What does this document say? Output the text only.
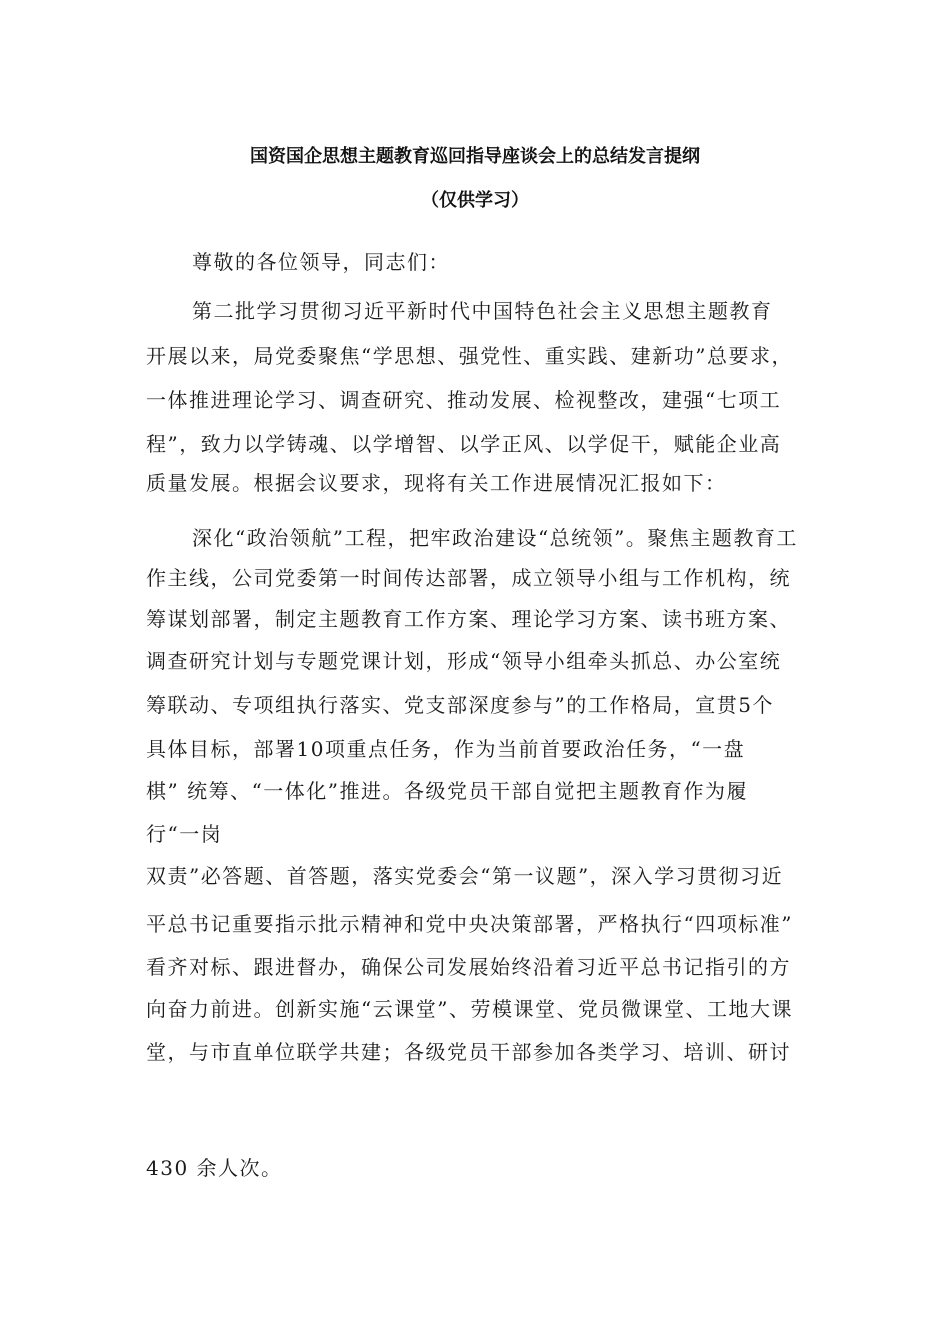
国资国企思想主题教育巡回指导座谈会上的总结发言提纲
（仅供学习）
尊敬的各位领导，同志们：
第二批学习贯彻习近平新时代中国特色社会主义思想主题教育
开展以来，局党委聚焦“学思想、强党性、重实践、建新功”总要求，
一体推进理论学习、调查研究、推动发展、检视整改，建强“七项工
程”，致力以学铸魂、以学增智、以学正风、以学促干，赋能企业高
质量发展。根据会议要求，现将有关工作进展情况汇报如下：
深化“政治领航”工程，把牢政治建设“总统领”。聚焦主题教育工
作主线，公司党委第一时间传达部署，成立领导小组与工作机构，统
筹谋划部署，制定主题教育工作方案、理论学习方案、读书班方案、
调查研究计划与专题党课计划，形成“领导小组牵头抓总、办公室统
筹联动、专项组执行落实、党支部深度参与”的工作格局，宣贯5个
具体目标，部署10项重点任务，作为当前首要政治任务，“一盘
棋” 统筹、“一体化”推进。各级党员干部自觉把主题教育作为履
行“一岗
双责”必答题、首答题，落实党委会“第一议题”，深入学习贯彻习近
平总书记重要指示批示精神和党中央决策部署，严格执行“四项标准”
看齐对标、跟进督办，确保公司发展始终沿着习近平总书记指引的方
向奋力前进。创新实施“云课堂”、劳模课堂、党员微课堂、工地大课
堂，与市直单位联学共建；各级党员干部参加各类学习、培训、研讨
430 余人次。
